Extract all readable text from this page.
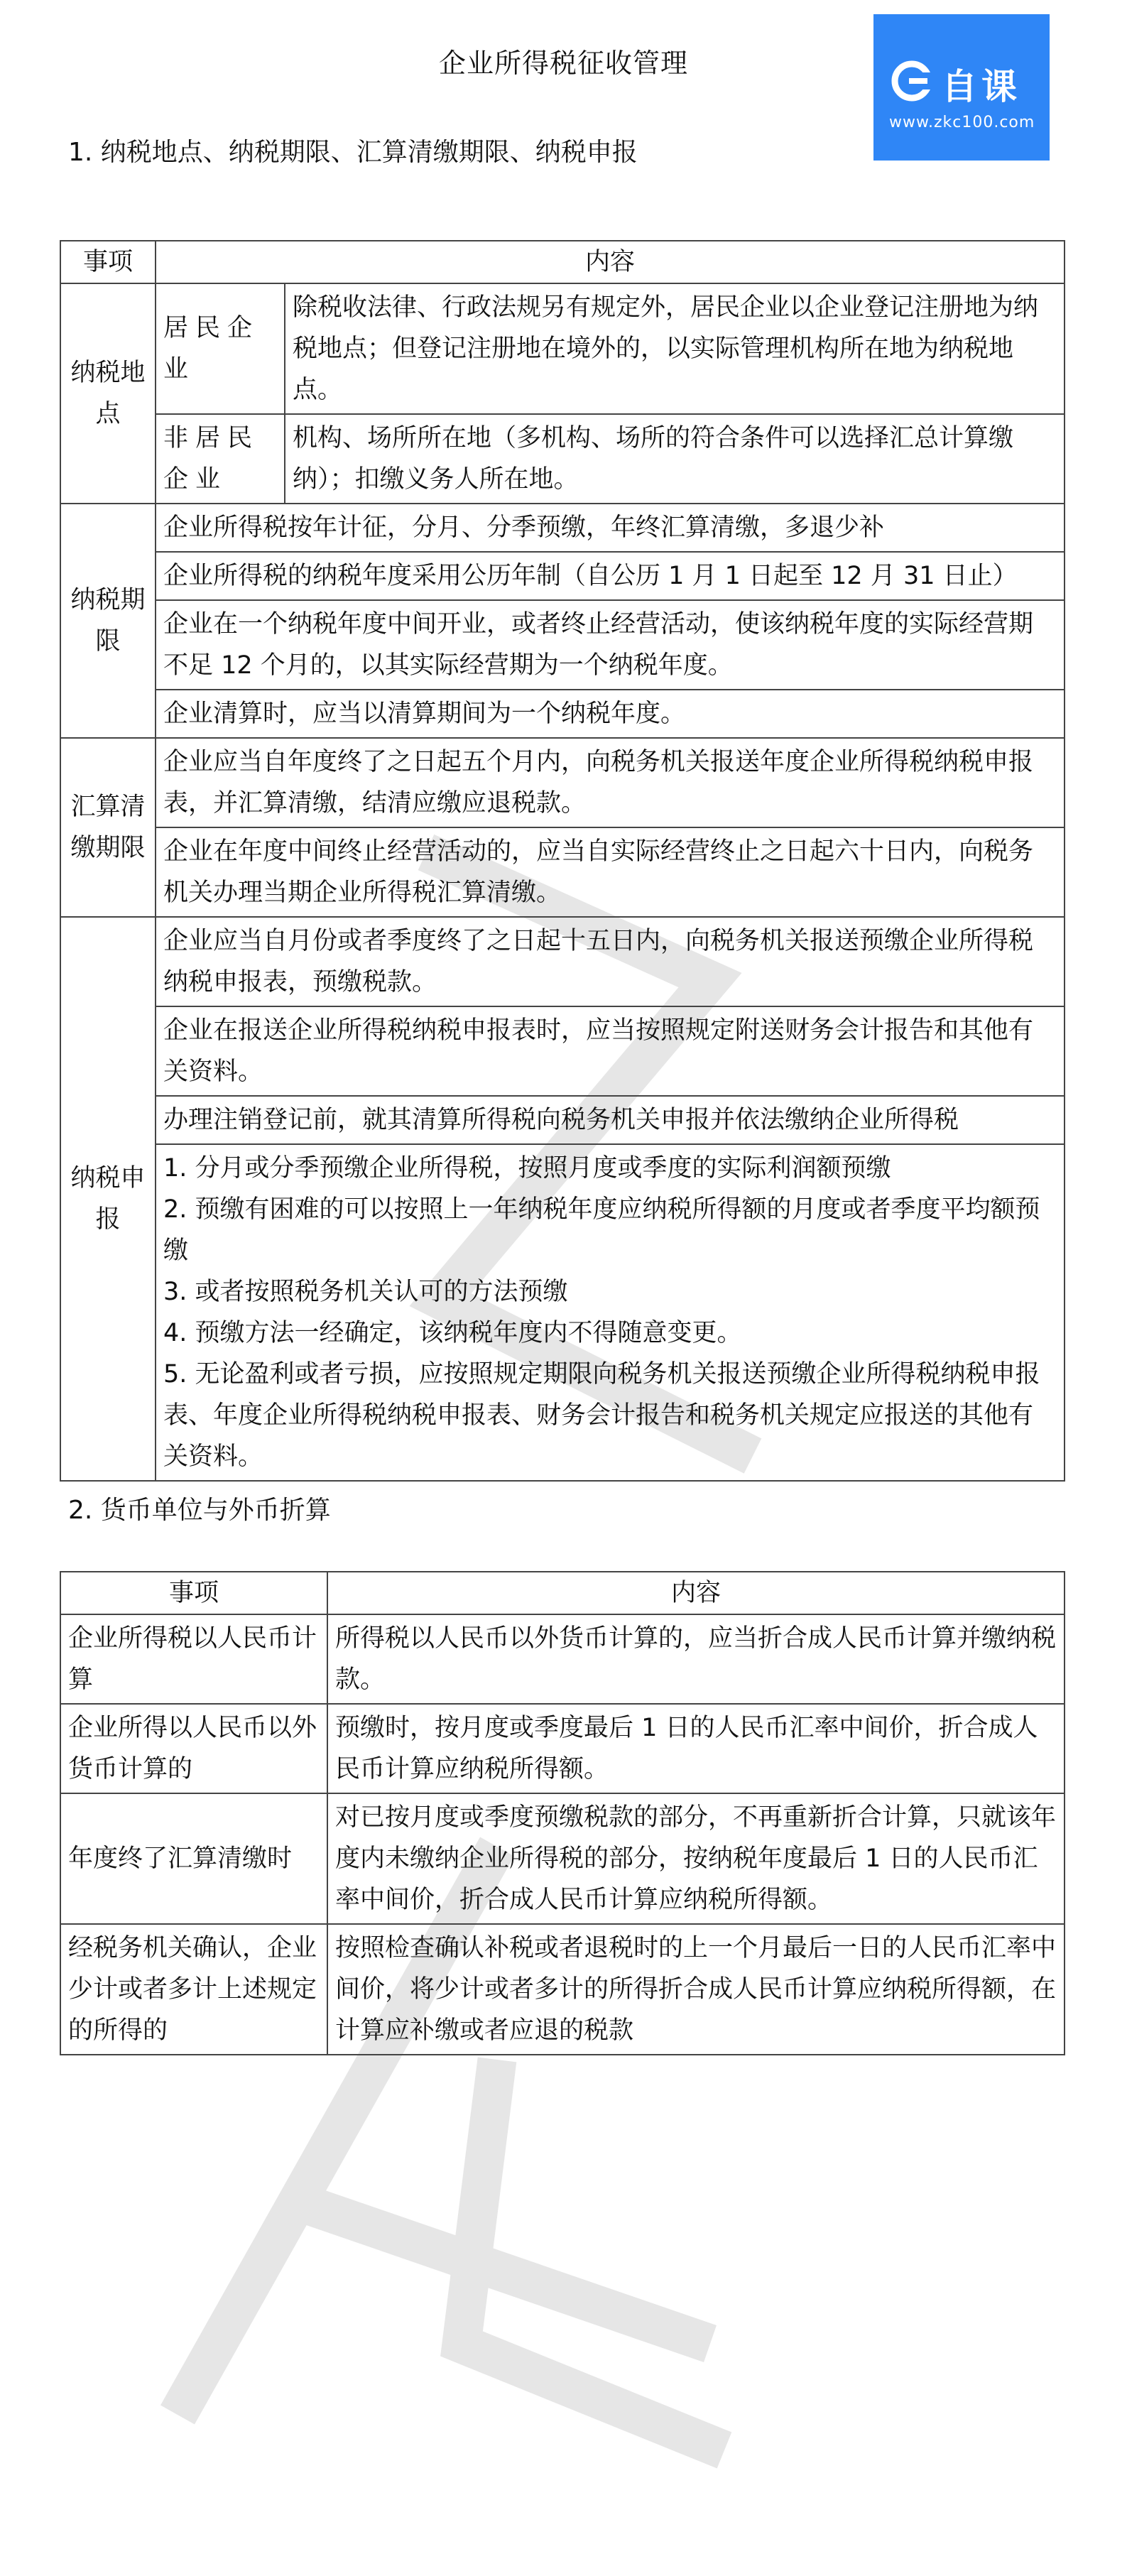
企业所得税征收管理
自课
www.zkc100.com
1. 纳税地点、纳税期限、汇算清缴期限、纳税申报
事项	内容	
纳税地点	居民企业	除税收法律、行政法规另有规定外，居民企业以企业登记注册地为纳税地点；但登记注册地在境外的，以实际管理机构所在地为纳税地点。
	非居民企业	机构、场所所在地（多机构、场所的符合条件可以选择汇总计算缴纳）；扣缴义务人所在地。
纳税期限	企业所得税按年计征，分月、分季预缴，年终汇算清缴，多退少补	
	企业所得税的纳税年度采用公历年制（自公历 1 月 1 日起至 12 月 31 日止）	
	企业在一个纳税年度中间开业，或者终止经营活动，使该纳税年度的实际经营期不足 12 个月的，以其实际经营期为一个纳税年度。	
	企业清算时，应当以清算期间为一个纳税年度。	
汇算清缴期限	企业应当自年度终了之日起五个月内，向税务机关报送年度企业所得税纳税申报表，并汇算清缴，结清应缴应退税款。	
	企业在年度中间终止经营活动的，应当自实际经营终止之日起六十日内，向税务机关办理当期企业所得税汇算清缴。	
纳税申报	企业应当自月份或者季度终了之日起十五日内，向税务机关报送预缴企业所得税纳税申报表，预缴税款。	
	企业在报送企业所得税纳税申报表时，应当按照规定附送财务会计报告和其他有关资料。	
	办理注销登记前，就其清算所得税向税务机关申报并依法缴纳企业所得税	

	1. 分月或分季预缴企业所得税，按照月度或季度的实际利润额预缴
2. 预缴有困难的可以按照上一年纳税年度应纳税所得额的月度或者季度平均额预缴
3. 或者按照税务机关认可的方法预缴
4. 预缴方法一经确定，该纳税年度内不得随意变更。
5. 无论盈利或者亏损，应按照规定期限向税务机关报送预缴企业所得税纳税申报表、年度企业所得税纳税申报表、财务会计报告和税务机关规定应报送的其他有关资料。	
2. 货币单位与外币折算
事项	内容
企业所得税以人民币计算	所得税以人民币以外货币计算的，应当折合成人民币计算并缴纳税款。
企业所得以人民币以外货币计算的	预缴时，按月度或季度最后 1 日的人民币汇率中间价，折合成人民币计算应纳税所得额。
年度终了汇算清缴时	对已按月度或季度预缴税款的部分，不再重新折合计算，只就该年度内未缴纳企业所得税的部分，按纳税年度最后 1 日的人民币汇率中间价，折合成人民币计算应纳税所得额。
经税务机关确认，企业少计或者多计上述规定的所得的	按照检查确认补税或者退税时的上一个月最后一日的人民币汇率中间价，将少计或者多计的所得折合成人民币计算应纳税所得额，在计算应补缴或者应退的税款
